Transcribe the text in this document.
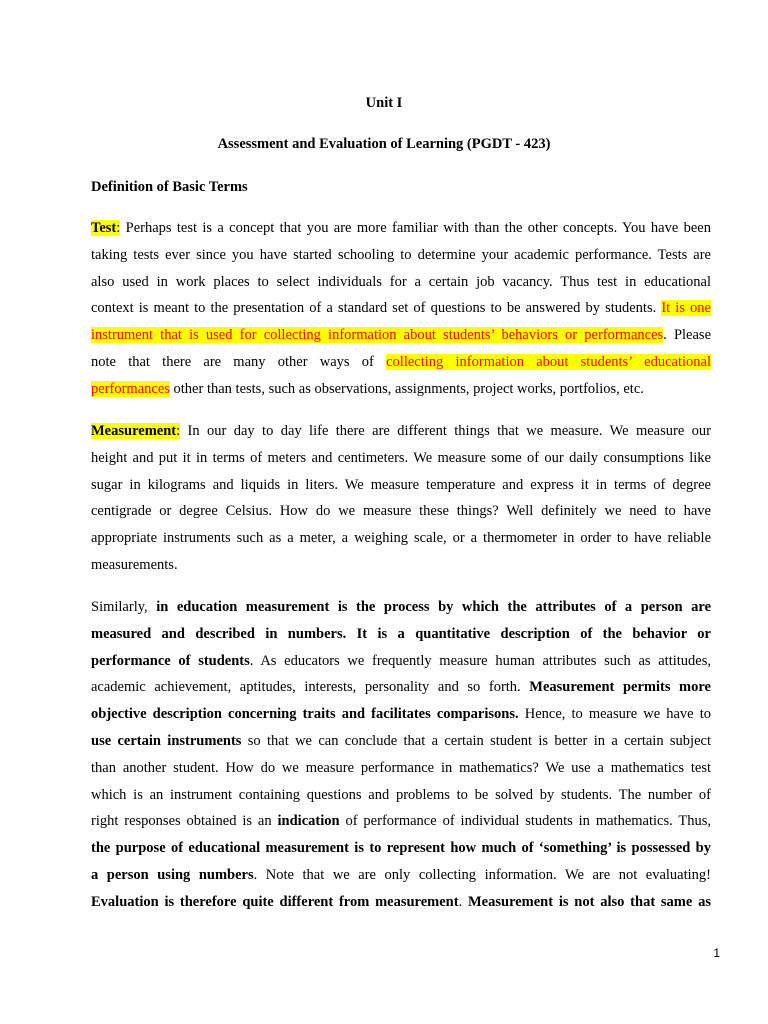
Unit I
Assessment and Evaluation of Learning (PGDT - 423)
Definition of Basic Terms
Test: Perhaps test is a concept that you are more familiar with than the other concepts. You have been
taking tests ever since you have started schooling to determine your academic performance. Tests are
also used in work places to select individuals for a certain job vacancy. Thus test in educational
context is meant to the presentation of a standard set of questions to be answered by students. It is one
instrument that is used for collecting information about students’ behaviors or performances. Please
note that there are many other ways of collecting information about students’ educational
performances other than tests, such as observations, assignments, project works, portfolios, etc.
Measurement: In our day to day life there are different things that we measure. We measure our
height and put it in terms of meters and centimeters. We measure some of our daily consumptions like
sugar in kilograms and liquids in liters. We measure temperature and express it in terms of degree
centigrade or degree Celsius. How do we measure these things? Well definitely we need to have
appropriate instruments such as a meter, a weighing scale, or a thermometer in order to have reliable
measurements.
Similarly, in education measurement is the process by which the attributes of a person are
measured and described in numbers. It is a quantitative description of the behavior or
performance of students. As educators we frequently measure human attributes such as attitudes,
academic achievement, aptitudes, interests, personality and so forth. Measurement permits more
objective description concerning traits and facilitates comparisons. Hence, to measure we have to
use certain instruments so that we can conclude that a certain student is better in a certain subject
than another student. How do we measure performance in mathematics? We use a mathematics test
which is an instrument containing questions and problems to be solved by students. The number of
right responses obtained is an indication of performance of individual students in mathematics. Thus,
the purpose of educational measurement is to represent how much of ‘something’ is possessed by
a person using numbers. Note that we are only collecting information. We are not evaluating!
Evaluation is therefore quite different from measurement. Measurement is not also that same as
1
